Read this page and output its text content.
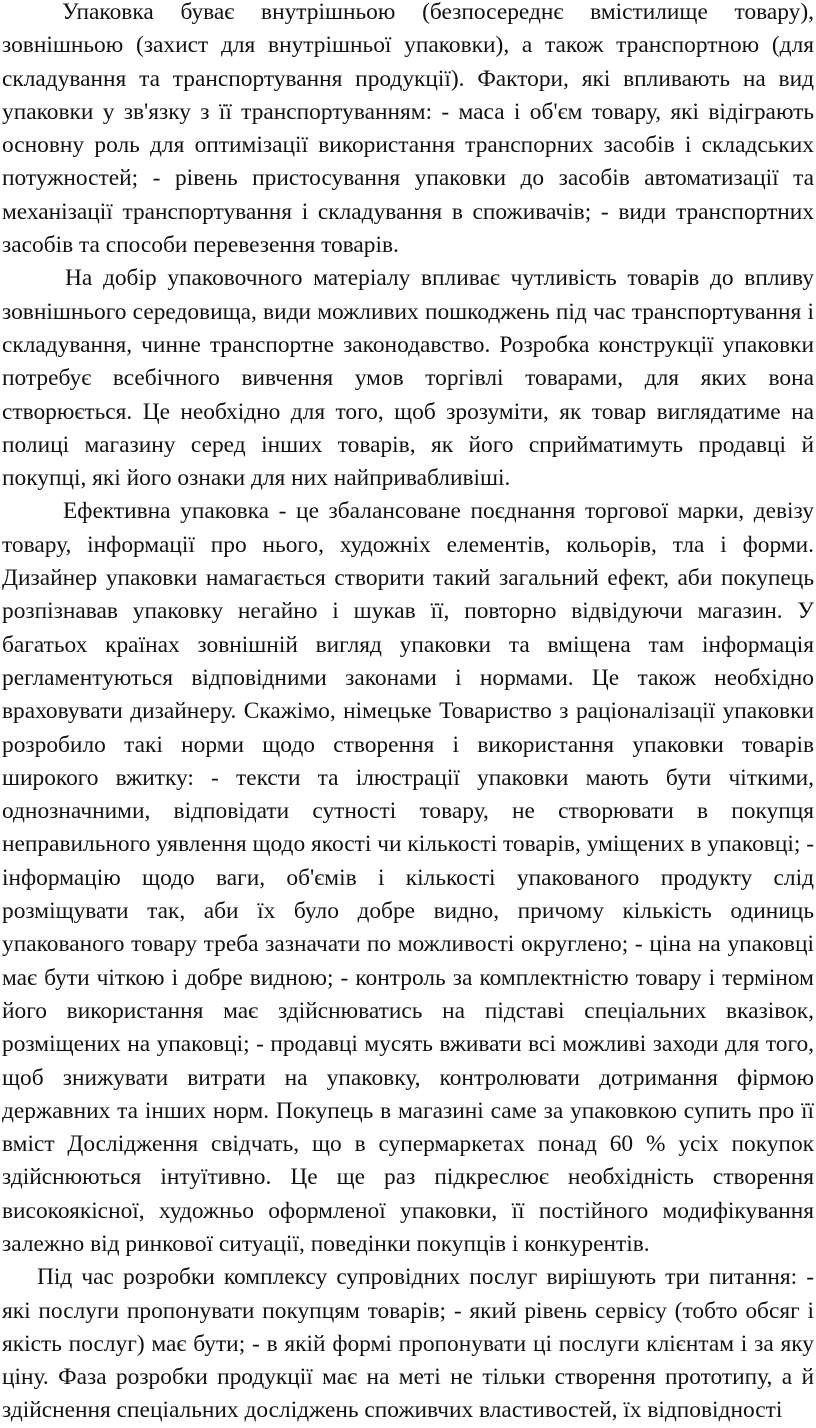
Упаковка буває внутрішньою (безпосереднє вмістилище товару), зовнішньою (захист для внутрішньої упаковки), а також транспортною (для складування та транспортування продукції). Фактори, які впливають на вид упаковки у зв'язку з її транспортуванням: - маса і об'єм товару, які відіграють основну роль для оптимізації використання транспорних засобів і складських потужностей; - рівень пристосування упаковки до засобів автоматизації та механізації транспортування і складування в споживачів; - види транспортних засобів та способи перевезення товарів.

На добір упаковочного матеріалу впливає чутливість товарів до впливу зовнішнього середовища, види можливих пошкоджень під час транспортування і складування, чинне транспортне законодавство. Розробка конструкції упаковки потребує всебічного вивчення умов торгівлі товарами, для яких вона створюється. Це необхідно для того, щоб зрозуміти, як товар виглядатиме на полиці магазину серед інших товарів, як його сприйматимуть продавці й покупці, які його ознаки для них найпривабливіші.

Ефективна упаковка - це збалансоване поєднання торгової марки, девізу товару, інформації про нього, художніх елементів, кольорів, тла і форми. Дизайнер упаковки намагається створити такий загальний ефект, аби покупець розпізнавав упаковку негайно і шукав її, повторно відвідуючи магазин. У багатьох країнах зовнішній вигляд упаковки та вміщена там інформація регламентуються відповідними законами і нормами. Це також необхідно враховувати дизайнеру. Скажімо, німецьке Товариство з раціоналізації упаковки розробило такі норми щодо створення і використання упаковки товарів широкого вжитку: - тексти та ілюстрації упаковки мають бути чіткими, однозначними, відповідати сутності товару, не створювати в покупця неправильного уявлення щодо якості чи кількості товарів, уміщених в упаковці; - інформацію щодо ваги, об'ємів і кількості упакованого продукту слід розміщувати так, аби їх було добре видно, причому кількість одиниць упакованого товару треба зазначати по можливості округлено; - ціна на упаковці має бути чіткою і добре видною; - контроль за комплектністю товару і терміном його використання має здійснюватись на підставі спеціальних вказівок, розміщених на упаковці; - продавці мусять вживати всі можливі заходи для того, щоб знижувати витрати на упаковку, контролювати дотримання фірмою державних та інших норм. Покупець в магазині саме за упаковкою супить про її вміст Дослідження свідчать, що в супермаркетах понад 60 % усіх покупок здійснюються інтуїтивно. Це ще раз підкреслює необхідність створення високоякісної, художньо оформленої упаковки, її постійного модифікування залежно від ринкової ситуації, поведінки покупців і конкурентів.

Під час розробки комплексу супровідних послуг вирішують три питання: - які послуги пропонувати покупцям товарів; - який рівень сервісу (тобто обсяг і якість послуг) має бути; - в якій формі пропонувати ці послуги клієнтам і за яку ціну. Фаза розробки продукції має на меті не тільки створення прототипу, а й здійснення спеціальних досліджень споживчих властивостей, їх відповідності
